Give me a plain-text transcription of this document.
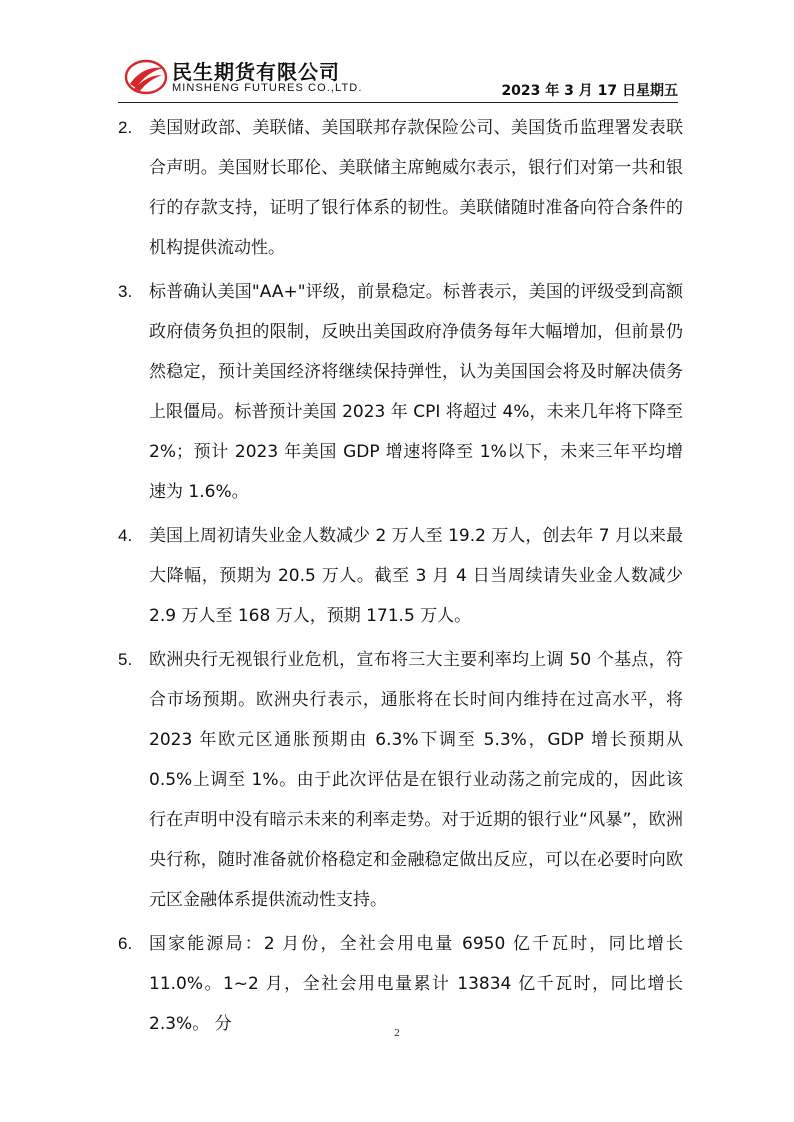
民生期货有限公司
MINSHENG FUTURES CO.,LTD.	2023 年 3 月 17 日星期五
2. 美国财政部、美联储、美国联邦存款保险公司、美国货币监理署发表联合声明。美国财长耶伦、美联储主席鲍威尔表示，银行们对第一共和银行的存款支持，证明了银行体系的韧性。美联储随时准备向符合条件的机构提供流动性。
3. 标普确认美国"AA+"评级，前景稳定。标普表示，美国的评级受到高额政府债务负担的限制，反映出美国政府净债务每年大幅增加，但前景仍然稳定，预计美国经济将继续保持弹性，认为美国国会将及时解决债务上限僵局。标普预计美国 2023 年 CPI 将超过 4%，未来几年将下降至 2%；预计 2023 年美国 GDP 增速将降至 1%以下，未来三年平均增速为 1.6%。
4. 美国上周初请失业金人数减少 2 万人至 19.2 万人，创去年 7 月以来最大降幅，预期为 20.5 万人。截至 3 月 4 日当周续请失业金人数减少 2.9 万人至 168 万人，预期 171.5 万人。
5. 欧洲央行无视银行业危机，宣布将三大主要利率均上调 50 个基点，符合市场预期。欧洲央行表示，通胀将在长时间内维持在过高水平，将 2023 年欧元区通胀预期由 6.3%下调至 5.3%，GDP 增长预期从 0.5%上调至 1%。由于此次评估是在银行业动荡之前完成的，因此该行在声明中没有暗示未来的利率走势。对于近期的银行业“风暴”，欧洲央行称，随时准备就价格稳定和金融稳定做出反应，可以在必要时向欧元区金融体系提供流动性支持。
6. 国家能源局：2 月份，全社会用电量 6950 亿千瓦时，同比增长 11.0%。1~2 月，全社会用电量累计 13834 亿千瓦时，同比增长 2.3%。 分	2
